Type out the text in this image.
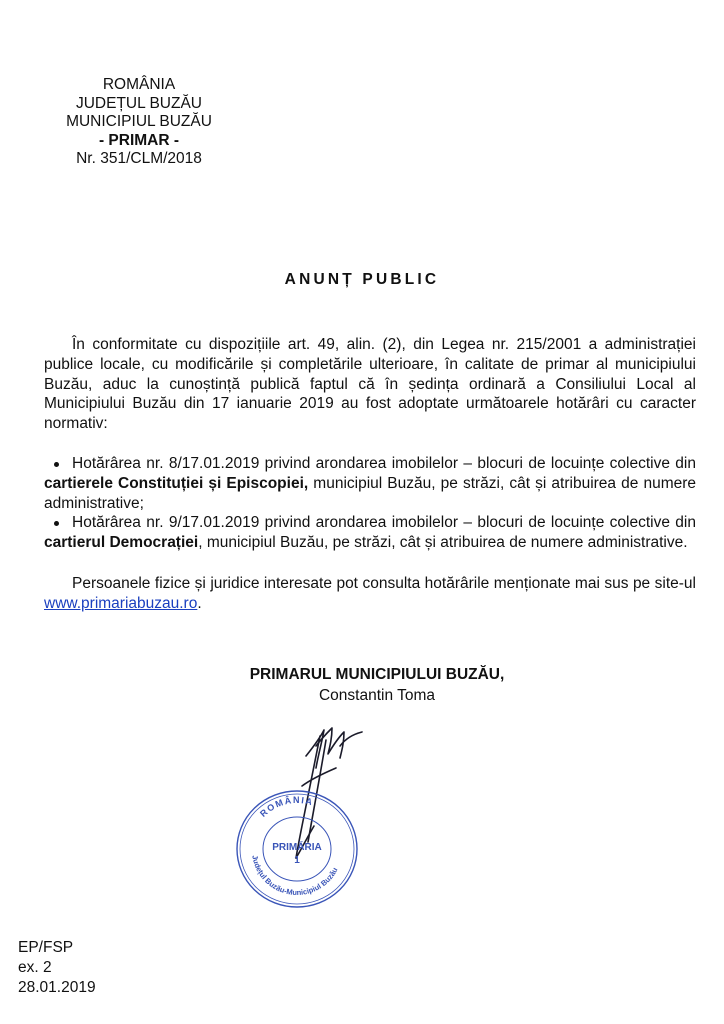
ROMÂNIA
JUDEȚUL BUZĂU
MUNICIPIUL BUZĂU
- PRIMAR -
Nr. 351/CLM/2018
ANUNȚ PUBLIC
În conformitate cu dispozițiile art. 49, alin. (2), din Legea nr. 215/2001 a administrației publice locale, cu modificările și completările ulterioare, în calitate de primar al municipiului Buzău, aduc la cunoștință publică faptul că în ședința ordinară a Consiliului Local al Municipiului Buzău din 17 ianuarie 2019 au fost adoptate următoarele hotărâri cu caracter normativ:
Hotărârea nr. 8/17.01.2019 privind arondarea imobilelor – blocuri de locuințe colective din cartierele Constituției și Episcopiei, municipiul Buzău, pe străzi, cât și atribuirea de numere administrative;
Hotărârea nr. 9/17.01.2019 privind arondarea imobilelor – blocuri de locuințe colective din cartierul Democrației, municipiul Buzău, pe străzi, cât și atribuirea de numere administrative.
Persoanele fizice și juridice interesate pot consulta hotărârile menționate mai sus pe site-ul www.primariabuzau.ro.
PRIMARUL MUNICIPIULUI BUZĂU,
Constantin Toma
ROMÂNIA
Județul Buzău-Municipiul Buzău
PRIMĂRIA
1
EP/FSP
ex. 2
28.01.2019
